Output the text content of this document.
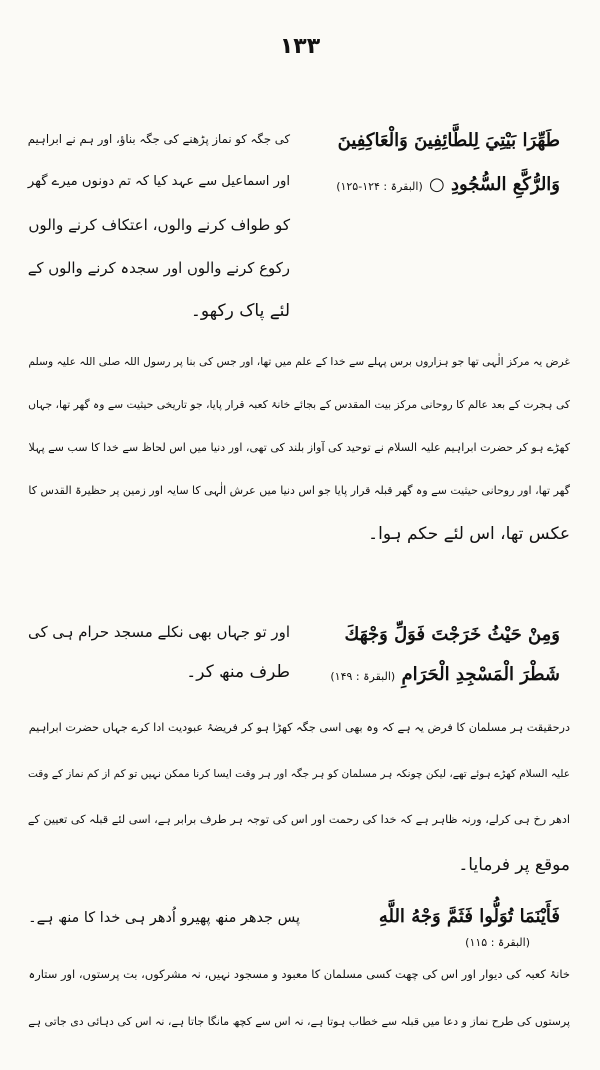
۱۳۳
طَهِّرَا بَيْتِيَ لِلطَّائِفِينَ وَالْعَاكِفِينَ
وَالرُّكَّعِ السُّجُودِ ○ (البقرۃ : ۱۲۴-۱۲۵)
کی جگہ کو نماز پڑھنے کی جگہ بناؤ، اور ہم نے ابراہیم
اور اسماعیل سے عہد کیا کہ تم دونوں میرے گھر
کو طواف کرنے والوں، اعتکاف کرنے والوں
رکوع کرنے والوں اور سجدہ کرنے والوں کے
لئے پاک رکھو۔
غرض یہ مرکز الٰہی تھا جو ہزاروں برس پہلے سے خدا کے علم میں تھا، اور جس کی بنا پر رسول اللہ صلی اللہ علیہ وسلم
کی ہجرت کے بعد عالم کا روحانی مرکز بیت المقدس کے بجائے خانۂ کعبہ قرار پایا، جو تاریخی حیثیت سے وہ گھر تھا، جہاں
کھڑے ہو کر حضرت ابراہیم علیہ السلام نے توحید کی آواز بلند کی تھی، اور دنیا میں اس لحاظ سے خدا کا سب سے پہلا
گھر تھا، اور روحانی حیثیت سے وہ گھر قبلہ قرار پایا جو اس دنیا میں عرش الٰہی کا سایہ اور زمین پر حظیرۃ القدس کا
عکس تھا، اس لئے حکم ہوا۔
وَمِنْ حَيْثُ خَرَجْتَ فَوَلِّ وَجْهَكَ
شَطْرَ الْمَسْجِدِ الْحَرَامِ (البقرۃ : ۱۴۹)
اور تو جہاں بھی نکلے مسجد حرام ہی کی
طرف منھ کر۔
درحقیقت ہر مسلمان کا فرض یہ ہے کہ وہ بھی اسی جگہ کھڑا ہو کر فریضۂ عبودیت ادا کرے جہاں حضرت ابراہیم
علیہ السلام کھڑے ہوئے تھے، لیکن چونکہ ہر مسلمان کو ہر جگہ اور ہر وقت ایسا کرنا ممکن نہیں تو کم از کم نماز کے وقت
ادھر رخ ہی کرلے، ورنہ ظاہر ہے کہ خدا کی رحمت اور اس کی توجہ ہر طرف برابر ہے، اسی لئے قبلہ کی تعیین کے
موقع پر فرمایا۔
فَأَيْنَمَا تُوَلُّوا فَثَمَّ وَجْهُ اللَّهِ
(البقرۃ : ۱۱۵)
پس جدھر منھ پھیرو اُدھر ہی خدا کا منھ ہے۔
خانۂ کعبہ کی دیوار اور اس کی چھت کسی مسلمان کا معبود و مسجود نہیں، نہ مشرکوں، بت پرستوں، اور ستارہ
پرستوں کی طرح نماز و دعا میں قبلہ سے خطاب ہوتا ہے، نہ اس سے کچھ مانگا جاتا ہے، نہ اس کی دہائی دی جاتی ہے
